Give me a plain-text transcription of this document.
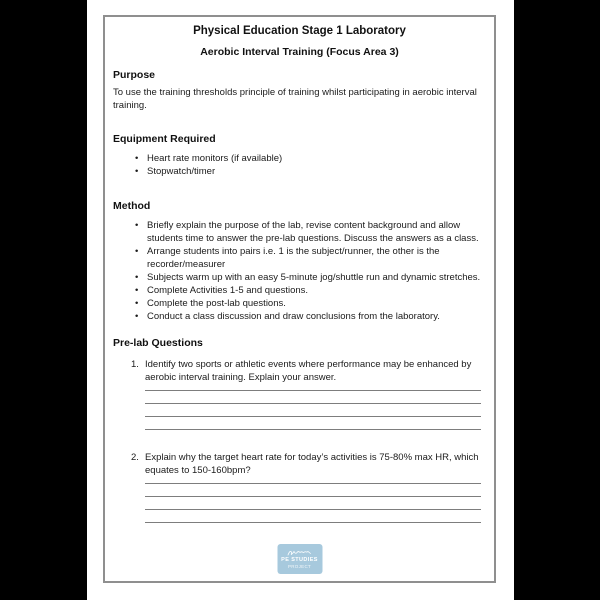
Physical Education Stage 1 Laboratory
Aerobic Interval Training (Focus Area 3)
Purpose
To use the training thresholds principle of training whilst participating in aerobic interval training.
Equipment Required
• Heart rate monitors (if available)
• Stopwatch/timer
Method
• Briefly explain the purpose of the lab, revise content background and allow students time to answer the pre-lab questions. Discuss the answers as a class.
• Arrange students into pairs i.e. 1 is the subject/runner, the other is the recorder/measurer
• Subjects warm up with an easy 5-minute jog/shuttle run and dynamic stretches.
• Complete Activities 1-5 and questions.
• Complete the post-lab questions.
• Conduct a class discussion and draw conclusions from the laboratory.
Pre-lab Questions
1. Identify two sports or athletic events where performance may be enhanced by aerobic interval training. Explain your answer.
2. Explain why the target heart rate for today’s activities is 75-80% max HR, which equates to 150-160bpm?
PE STUDIES
PROJECT
